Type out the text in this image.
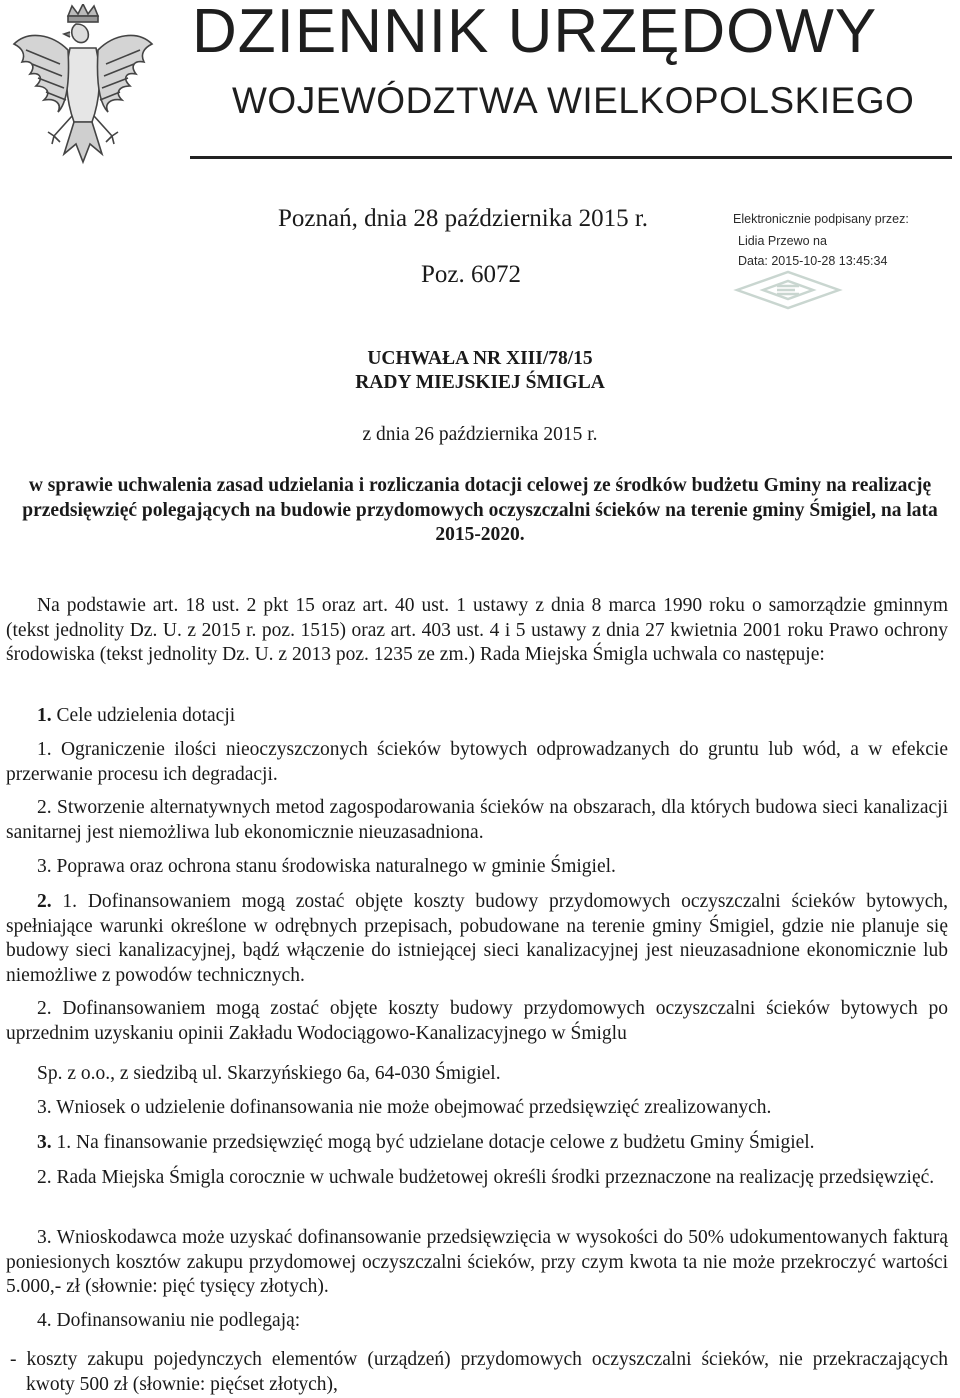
DZIENNIK URZĘDOWY
WOJEWÓDZTWA WIELKOPOLSKIEGO
Poznań, dnia 28 października 2015 r.
Poz. 6072
Elektronicznie podpisany przez:
Lidia Przewo na
Data: 2015-10-28 13:45:34
UCHWAŁA NR XIII/78/15
RADY MIEJSKIEJ ŚMIGLA
z dnia 26 października 2015 r.
w sprawie uchwalenia zasad udzielania i rozliczania dotacji celowej ze środków budżetu Gminy na realizację przedsięwzięć polegających na budowie przydomowych oczyszczalni ścieków na terenie gminy Śmigiel, na lata 2015-2020.
Na podstawie art. 18 ust. 2 pkt 15 oraz art. 40 ust. 1 ustawy z dnia 8 marca 1990 roku o samorządzie gminnym (tekst jednolity Dz. U. z 2015 r. poz. 1515) oraz art. 403 ust. 4 i 5 ustawy z dnia 27 kwietnia 2001 roku Prawo ochrony środowiska (tekst jednolity Dz. U. z 2013 poz. 1235 ze zm.) Rada Miejska Śmigla uchwala co następuje:
1. Cele udzielenia dotacji
1. Ograniczenie ilości nieoczyszczonych ścieków bytowych odprowadzanych do gruntu lub wód, a w efekcie przerwanie procesu ich degradacji.
2. Stworzenie alternatywnych metod zagospodarowania ścieków na obszarach, dla których budowa sieci kanalizacji sanitarnej jest niemożliwa lub ekonomicznie nieuzasadniona.
3. Poprawa oraz ochrona stanu środowiska naturalnego w gminie Śmigiel.
2. 1. Dofinansowaniem mogą zostać objęte koszty budowy przydomowych oczyszczalni ścieków bytowych, spełniające warunki określone w odrębnych przepisach, pobudowane na terenie gminy Śmigiel, gdzie nie planuje się budowy sieci kanalizacyjnej, bądź włączenie do istniejącej sieci kanalizacyjnej jest nieuzasadnione ekonomicznie lub niemożliwe z powodów technicznych.
2. Dofinansowaniem mogą zostać objęte koszty budowy przydomowych oczyszczalni ścieków bytowych po uprzednim uzyskaniu opinii Zakładu Wodociągowo-Kanalizacyjnego w Śmiglu
Sp. z o.o., z siedzibą ul. Skarzyńskiego 6a, 64-030 Śmigiel.
3. Wniosek o udzielenie dofinansowania nie może obejmować przedsięwzięć zrealizowanych.
3. 1. Na finansowanie przedsięwzięć mogą być udzielane dotacje celowe z budżetu Gminy Śmigiel.
2. Rada Miejska Śmigla corocznie w uchwale budżetowej określi środki przeznaczone na realizację przedsięwzięć.
3. Wnioskodawca może uzyskać dofinansowanie przedsięwzięcia w wysokości do 50% udokumentowanych fakturą poniesionych kosztów zakupu przydomowej oczyszczalni ścieków, przy czym kwota ta nie może przekroczyć wartości 5.000,- zł (słownie: pięć tysięcy złotych).
4. Dofinansowaniu nie podlegają:
- koszty zakupu pojedynczych elementów (urządzeń) przydomowych oczyszczalni ścieków, nie przekraczających kwoty 500 zł (słownie: pięćset złotych),
